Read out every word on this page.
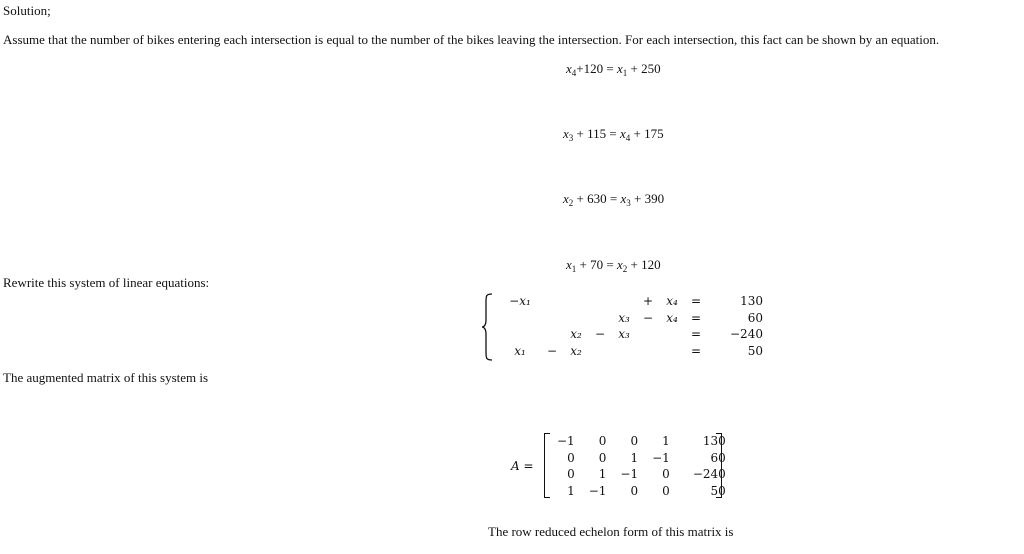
Solution;
Assume that the number of bikes entering each intersection is equal to the number of the bikes leaving the intersection. For each intersection, this fact can be shown by an equation.
$x_4+120 = x_1 + 250$
$x_3 + 115 = x_4 + 175$
$x_2 + 630 = x_3 + 390$
$x_1 + 70 = x_2 + 120$
Rewrite this system of linear equations:
−x₁					+	x₄	=	130
				x₃	−	x₄	=	60
		x₂	−	x₃			=	−240
x₁	−	x₂					=	50
The augmented matrix of this system is
A =
−1	0	0	1	130
0	0	1	−1	60
0	1	−1	0	−240
1	−1	0	0	50
The row reduced echelon form of this matrix is
